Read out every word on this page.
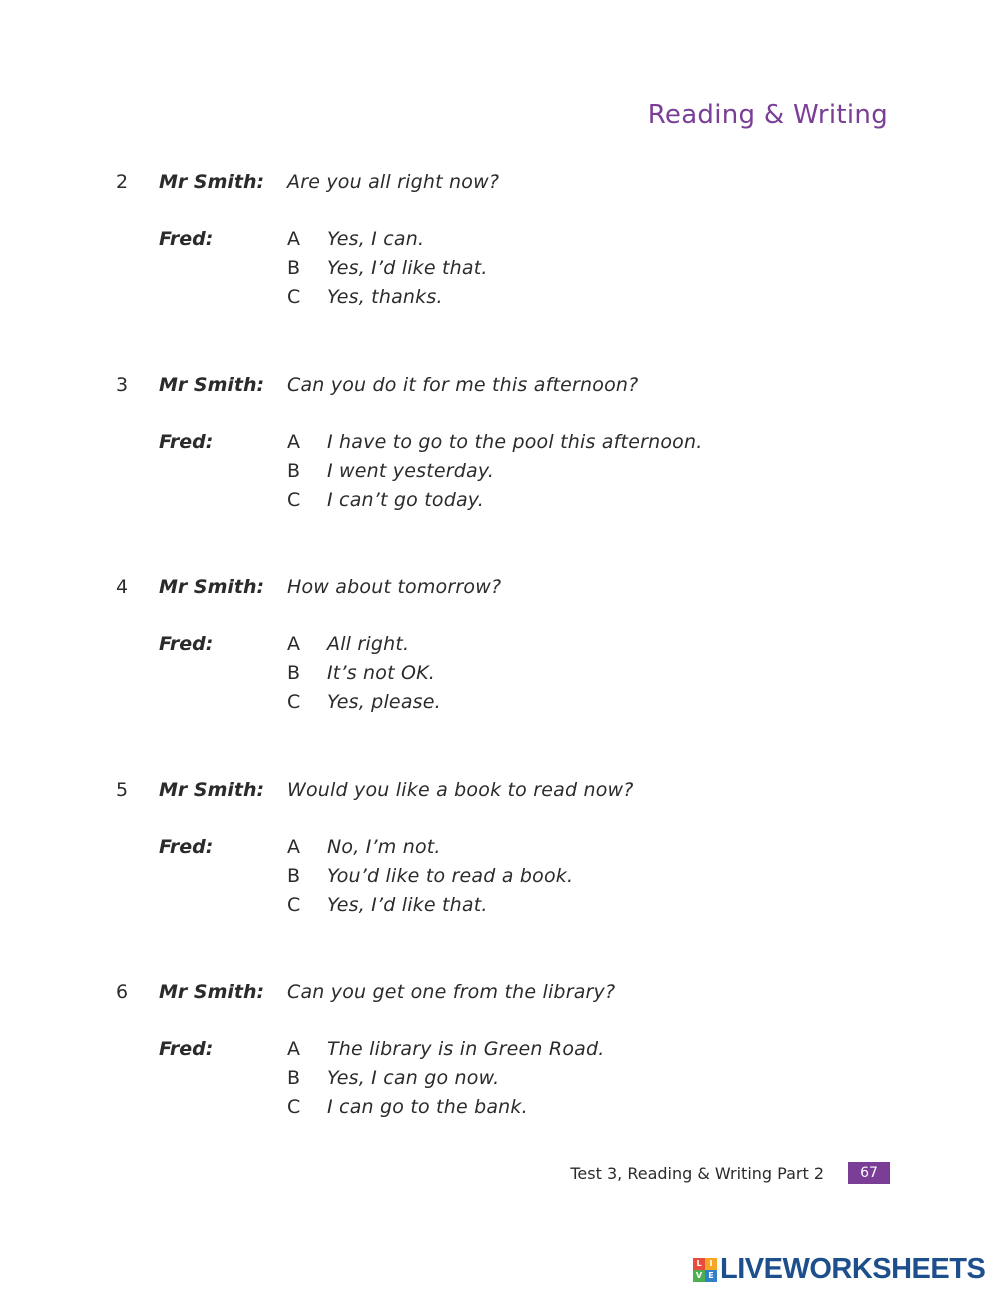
Reading & Writing
2 Mr Smith: Are you all right now?
Fred:	A Yes, I can.
B Yes, I’d like that.
C Yes, thanks.
3 Mr Smith: Can you do it for me this afternoon?
Fred:	A I have to go to the pool this afternoon.
B I went yesterday.
C I can’t go today.
4 Mr Smith: How about tomorrow?
Fred:	A All right.
B It’s not OK.
C Yes, please.
5 Mr Smith: Would you like a book to read now?
Fred:	A No, I’m not.
B You’d like to read a book.
C Yes, I’d like that.
6 Mr Smith: Can you get one from the library?
Fred:	A The library is in Green Road.
B Yes, I can go now.
C I can go to the bank.
Test 3, Reading & Writing Part 2	67
L I
V E LIVEWORKSHEETS
